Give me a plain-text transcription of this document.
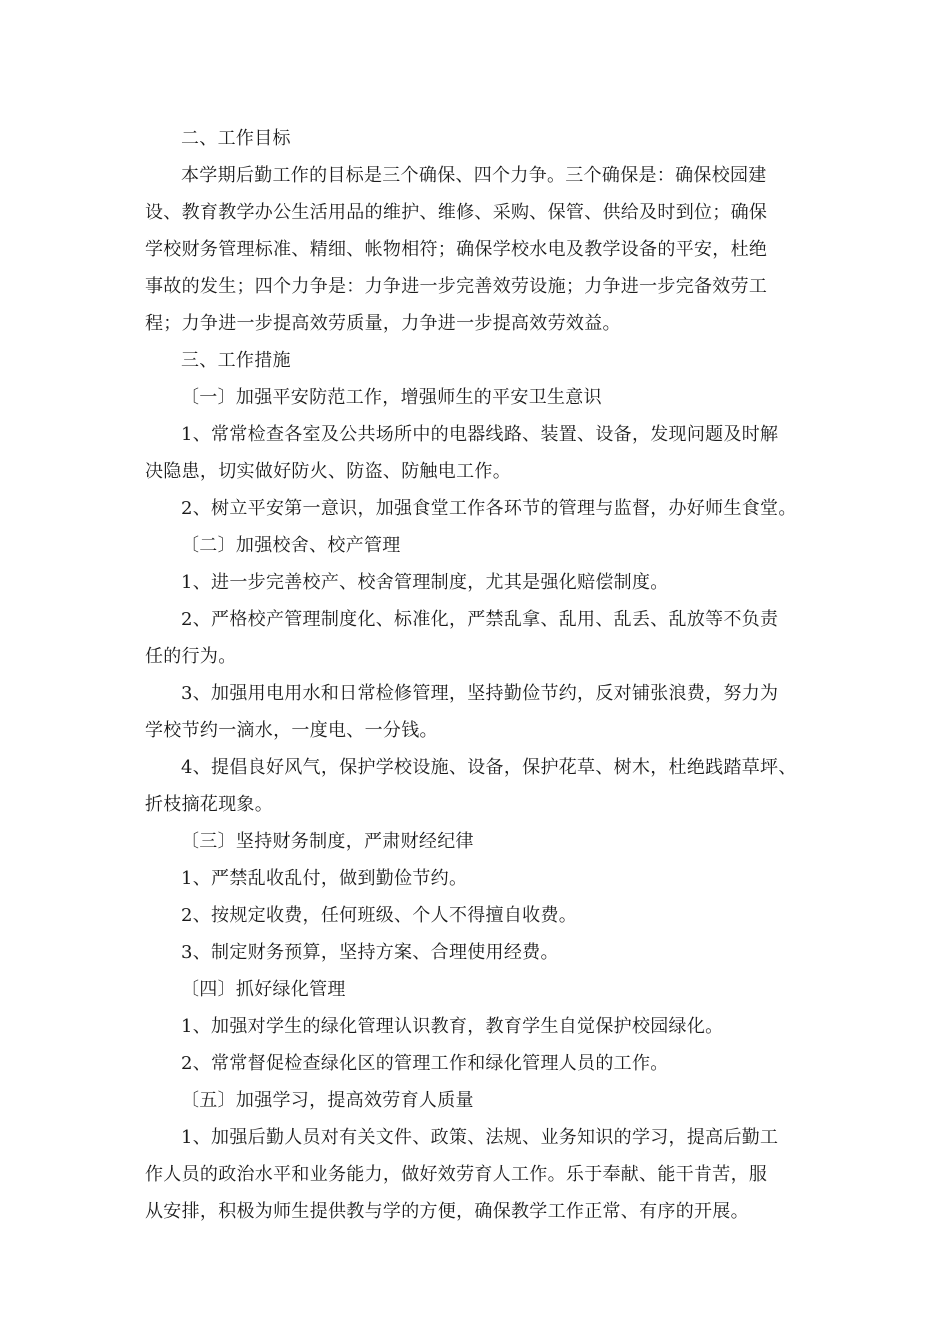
二、工作目标

本学期后勤工作的目标是三个确保、四个力争。三个确保是：确保校园建
设、教育教学办公生活用品的维护、维修、采购、保管、供给及时到位；确保
学校财务管理标准、精细、帐物相符；确保学校水电及教学设备的平安，杜绝
事故的发生；四个力争是：力争进一步完善效劳设施；力争进一步完备效劳工
程；力争进一步提高效劳质量，力争进一步提高效劳效益。

三、工作措施

〔一〕加强平安防范工作，增强师生的平安卫生意识

1、常常检查各室及公共场所中的电器线路、装置、设备，发现问题及时解
决隐患，切实做好防火、防盗、防触电工作。

2、树立平安第一意识，加强食堂工作各环节的管理与监督，办好师生食堂。

〔二〕加强校舍、校产管理

1、进一步完善校产、校舍管理制度，尤其是强化赔偿制度。

2、严格校产管理制度化、标准化，严禁乱拿、乱用、乱丢、乱放等不负责
任的行为。

3、加强用电用水和日常检修管理，坚持勤俭节约，反对铺张浪费，努力为
学校节约一滴水，一度电、一分钱。

4、提倡良好风气，保护学校设施、设备，保护花草、树木，杜绝践踏草坪、
折枝摘花现象。

〔三〕坚持财务制度，严肃财经纪律

1、严禁乱收乱付，做到勤俭节约。

2、按规定收费，任何班级、个人不得擅自收费。

3、制定财务预算，坚持方案、合理使用经费。

〔四〕抓好绿化管理

1、加强对学生的绿化管理认识教育，教育学生自觉保护校园绿化。

2、常常督促检查绿化区的管理工作和绿化管理人员的工作。

〔五〕加强学习，提高效劳育人质量

1、加强后勤人员对有关文件、政策、法规、业务知识的学习，提高后勤工
作人员的政治水平和业务能力，做好效劳育人工作。乐于奉献、能干肯苦，服
从安排，积极为师生提供教与学的方便，确保教学工作正常、有序的开展。
